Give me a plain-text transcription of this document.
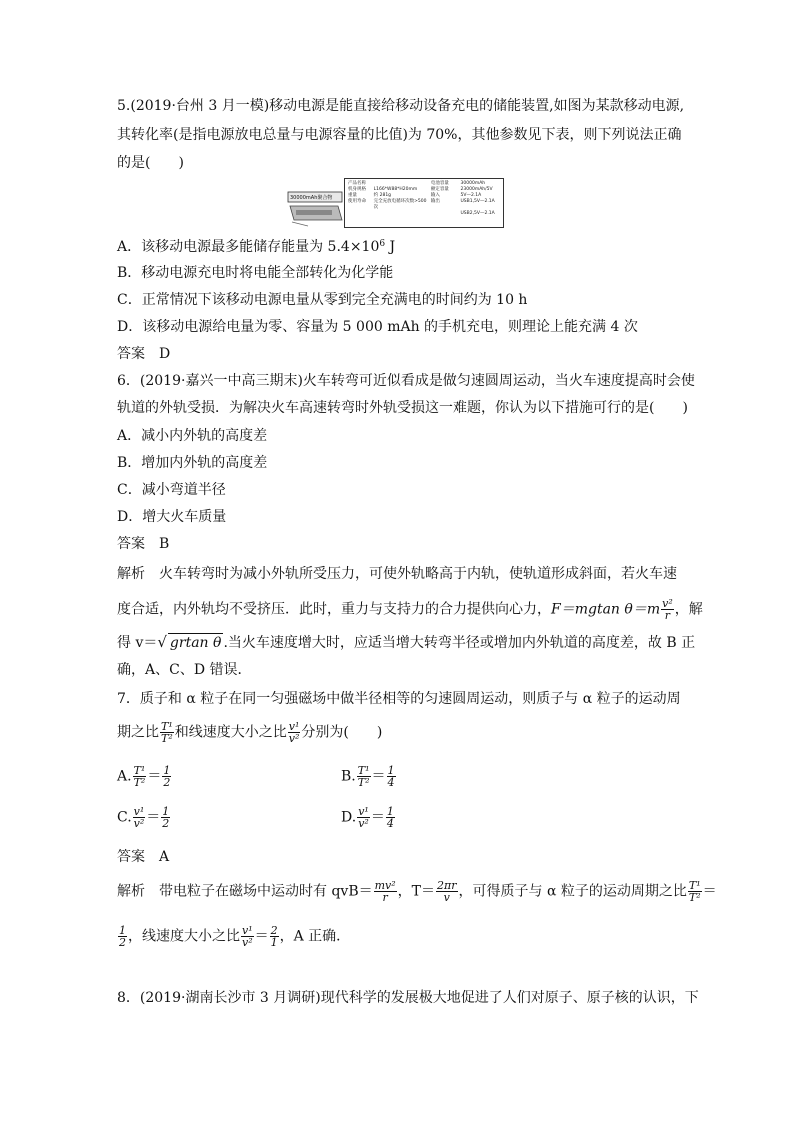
5.(2019·台州 3 月一模)移动电源是能直接给移动设备充电的储能装置,如图为某款移动电源,
其转化率(是指电源放电总量与电源容量的比值)为 70%，其他参数见下表，则下列说法正确
的是(　　)
30000mAh聚合物
产品名称	电池容量	30000mAh
机身规格	L166*W88*H20mm	额定容量	23000mAh/5V
重量	约 281g	输入	5V—2.1A
使用寿命	完全充放电循环次数>500次
输出	USB1,5V—2.1A
USB2,5V—2.1A
A．该移动电源最多能储存能量为 $5.4\times 10^6$ J
B．移动电源充电时将电能全部转化为化学能
C．正常情况下该移动电源电量从零到完全充满电的时间约为 10 h
D．该移动电源给电量为零、容量为 5 000 mAh 的手机充电，则理论上能充满 4 次
答案　D
6．(2019·嘉兴一中高三期末)火车转弯可近似看成是做匀速圆周运动，当火车速度提高时会使
轨道的外轨受损．为解决火车高速转弯时外轨受损这一难题，你认为以下措施可行的是(　　)
A．减小内外轨的高度差
B．增加内外轨的高度差
C．减小弯道半径
D．增大火车质量
答案　B
解析　火车转弯时为减小外轨所受压力，可使外轨略高于内轨，使轨道形成斜面，若火车速
度合适，内外轨均不受挤压．此时，重力与支持力的合力提供向心力，F＝mgtan $\theta=m \frac{\text{v²}}{r}$ ，解
得 v＝√ grtan θ .当火车速度增大时，应适当增大转弯半径或增加内外轨道的高度差，故 B 正
确，A、C、D 错误．
7．质子和 α 粒子在同一匀强磁场中做半径相等的匀速圆周运动，则质子与 α 粒子的运动周
期之比 $\frac{\text{T¹}}{\text{T²}}$ 和线速度大小之比 $\frac{\text{v¹}}{\text{v²}}$ 分别为(　　)
A. $\frac{\text{T¹}}{\text{T²}} = \frac{1}{2}$	B. $\frac{\text{T¹}}{\text{T²}} = \frac{1}{4}$
C. $\frac{\text{v¹}}{\text{v²}} = \frac{1}{2}$	D. $\frac{\text{v¹}}{\text{v²}} = \frac{1}{4}$
答案　A
解析　带电粒子在磁场中运动时有 $qvB= \frac{\text{mv²}}{r}$ ，$T= \frac{2\pi r}{v}$ ，可得质子与 α 粒子的运动周期之比 $\frac{\text{T¹}}{\text{T²}}$ ＝
$\frac{1}{2}$ ，线速度大小之比 $\frac{\text{v¹}}{\text{v²}} = \frac{2}{1}$ ，A 正确．
8．(2019·湖南长沙市 3 月调研)现代科学的发展极大地促进了人们对原子、原子核的认识，下
